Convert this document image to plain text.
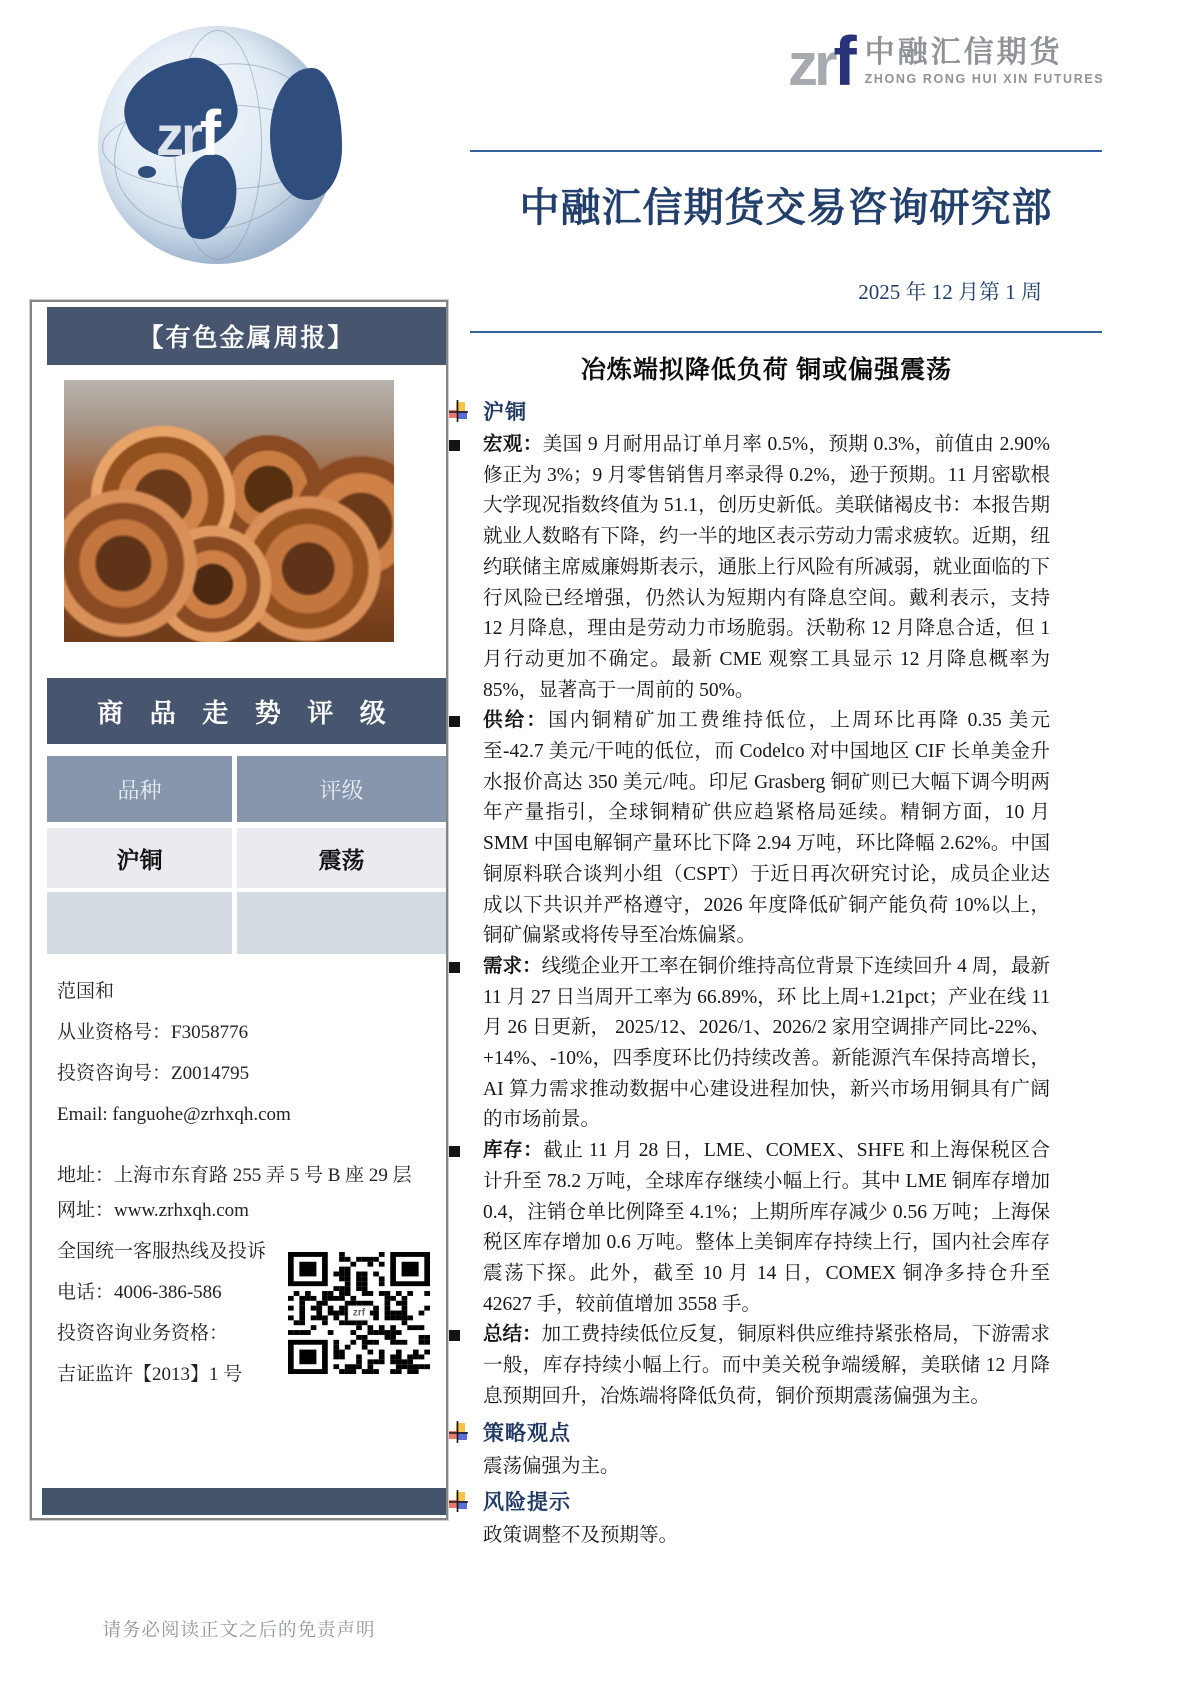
zrf
zrf 中融汇信期货
ZHONG RONG HUI XIN FUTURES
中融汇信期货交易咨询研究部
2025 年 12 月第 1 周
冶炼端拟降低负荷 铜或偏强震荡
沪铜
宏观：美国 9 月耐用品订单月率 0.5%，预期 0.3%，前值由 2.90%修正为 3%；9 月零售销售月率录得 0.2%，逊于预期。11 月密歇根大学现况指数终值为 51.1，创历史新低。美联储褐皮书：本报告期就业人数略有下降，约一半的地区表示劳动力需求疲软。近期，纽约联储主席威廉姆斯表示，通胀上行风险有所减弱，就业面临的下行风险已经增强，仍然认为短期内有降息空间。戴利表示，支持 12 月降息，理由是劳动力市场脆弱。沃勒称 12 月降息合适，但 1 月行动更加不确定。最新 CME 观察工具显示 12 月降息概率为 85%，显著高于一周前的 50%。
供给：国内铜精矿加工费维持低位，上周环比再降 0.35 美元至-42.7 美元/干吨的低位，而 Codelco 对中国地区 CIF 长单美金升水报价高达 350 美元/吨。印尼 Grasberg 铜矿则已大幅下调今明两年产量指引，全球铜精矿供应趋紧格局延续。精铜方面，10 月 SMM 中国电解铜产量环比下降 2.94 万吨，环比降幅 2.62%。中国铜原料联合谈判小组（CSPT）于近日再次研究讨论，成员企业达成以下共识并严格遵守，2026 年度降低矿铜产能负荷 10%以上，铜矿偏紧或将传导至冶炼偏紧。
需求：线缆企业开工率在铜价维持高位背景下连续回升 4 周，最新 11 月 27 日当周开工率为 66.89%，环 比上周+1.21pct；产业在线 11 月 26 日更新， 2025/12、2026/1、2026/2 家用空调排产同比-22%、+14%、-10%，四季度环比仍持续改善。新能源汽车保持高增长，AI 算力需求推动数据中心建设进程加快，新兴市场用铜具有广阔的市场前景。
库存：截止 11 月 28 日，LME、COMEX、SHFE 和上海保税区合计升至 78.2 万吨，全球库存继续小幅上行。其中 LME 铜库存增加 0.4，注销仓单比例降至 4.1%；上期所库存减少 0.56 万吨；上海保税区库存增加 0.6 万吨。整体上美铜库存持续上行，国内社会库存震荡下探。此外，截至 10 月 14 日，COMEX 铜净多持仓升至 42627 手，较前值增加 3558 手。
总结：加工费持续低位反复，铜原料供应维持紧张格局，下游需求一般，库存持续小幅上行。而中美关税争端缓解，美联储 12 月降息预期回升，冶炼端将降低负荷，铜价预期震荡偏强为主。
策略观点

震荡偏强为主。

风险提示

政策调整不及预期等。

【有色金属周报】
商 品 走 势 评 级
品种	评级
沪铜	震荡

范国和

从业资格号：F3058776

投资咨询号：Z0014795

Email: fanguohe@zrhxqh.com

地址：上海市东育路 255 弄 5 号 B 座 29 层

网址：www.zrhxqh.com

全国统一客服热线及投诉

电话：4006-386-586

投资咨询业务资格：

吉证监许【2013】1 号

zrf
请务必阅读正文之后的免责声明
